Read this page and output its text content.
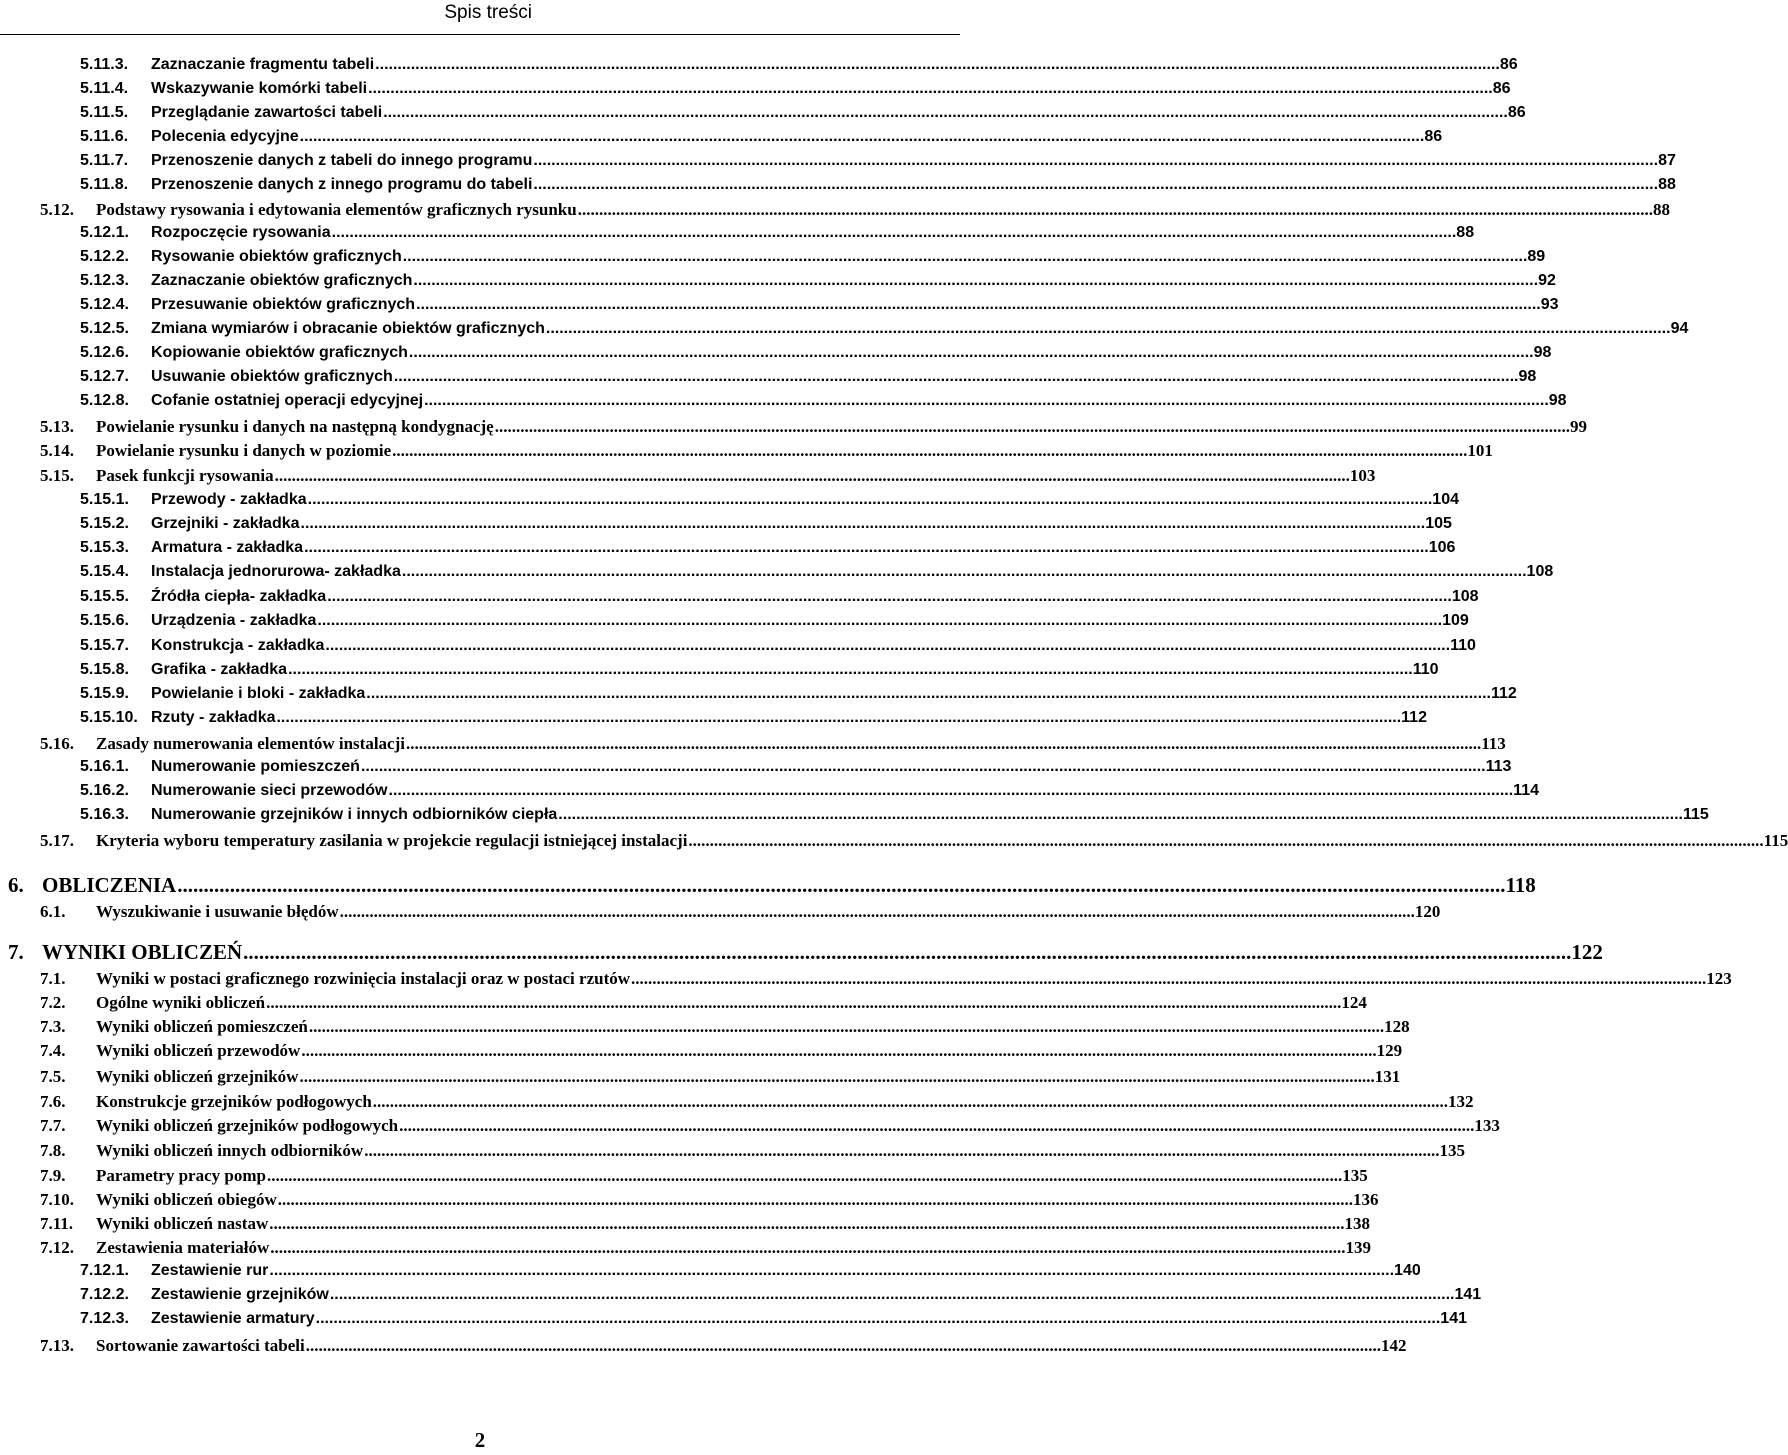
Spis treści
5.11.3.	Zaznaczanie fragmentu tabeli .....	86
5.11.4.	Wskazywanie komórki tabeli .....	86
5.11.5.	Przeglądanie zawartości tabeli .....	86
5.11.6.	Polecenia edycyjne .....	86
5.11.7.	Przenoszenie danych z tabeli do innego programu .....	87
5.11.8.	Przenoszenie danych z innego programu do tabeli .....	88
5.12.	Podstawy rysowania i edytowania elementów graficznych rysunku .....	88
5.12.1.	Rozpoczęcie rysowania .....	88
5.12.2.	Rysowanie obiektów graficznych .....	89
5.12.3.	Zaznaczanie obiektów graficznych .....	92
5.12.4.	Przesuwanie obiektów graficznych .....	93
5.12.5.	Zmiana wymiarów i obracanie obiektów graficznych .....	94
5.12.6.	Kopiowanie obiektów graficznych .....	98
5.12.7.	Usuwanie obiektów graficznych .....	98
5.12.8.	Cofanie ostatniej operacji edycyjnej .....	98
5.13.	Powielanie rysunku i danych na następną kondygnację .....	99
5.14.	Powielanie rysunku i danych w poziomie .....	101
5.15.	Pasek funkcji rysowania .....	103
5.15.1.	Przewody - zakładka .....	104
5.15.2.	Grzejniki - zakładka .....	105
5.15.3.	Armatura - zakładka .....	106
5.15.4.	Instalacja jednorurowa- zakładka .....	108
5.15.5.	Źródła ciepła- zakładka .....	108
5.15.6.	Urządzenia - zakładka .....	109
5.15.7.	Konstrukcja - zakładka .....	110
5.15.8.	Grafika - zakładka .....	110
5.15.9.	Powielanie i bloki - zakładka .....	112
5.15.10. Rzuty - zakładka .....	112
5.16.	Zasady numerowania elementów instalacji .....	113
5.16.1.	Numerowanie pomieszczeń .....	113
5.16.2.	Numerowanie sieci przewodów .....	114
5.16.3.	Numerowanie grzejników i innych odbiorników ciepła .....	115
5.17.	Kryteria wyboru temperatury zasilania w projekcie regulacji istniejącej instalacji .....	115
6. OBLICZENIA .....	118
6.1.	Wyszukiwanie i usuwanie błędów .....	120
7. WYNIKI OBLICZEŃ .....	122
7.1.	Wyniki w postaci graficznego rozwinięcia instalacji oraz w postaci rzutów .....	123
7.2.	Ogólne wyniki obliczeń .....	124
7.3.	Wyniki obliczeń pomieszczeń .....	128
7.4.	Wyniki obliczeń przewodów .....	129
7.5.	Wyniki obliczeń grzejników .....	131
7.6.	Konstrukcje grzejników podłogowych .....	132
7.7.	Wyniki obliczeń grzejników podłogowych .....	133
7.8.	Wyniki obliczeń innych odbiorników .....	135
7.9.	Parametry pracy pomp .....	135
7.10.	Wyniki obliczeń obiegów .....	136
7.11.	Wyniki obliczeń nastaw .....	138
7.12.	Zestawienia materiałów .....	139
7.12.1.	Zestawienie rur .....	140
7.12.2.	Zestawienie grzejników .....	141
7.12.3.	Zestawienie armatury .....	141
7.13.	Sortowanie zawartości tabeli .....	142
2
